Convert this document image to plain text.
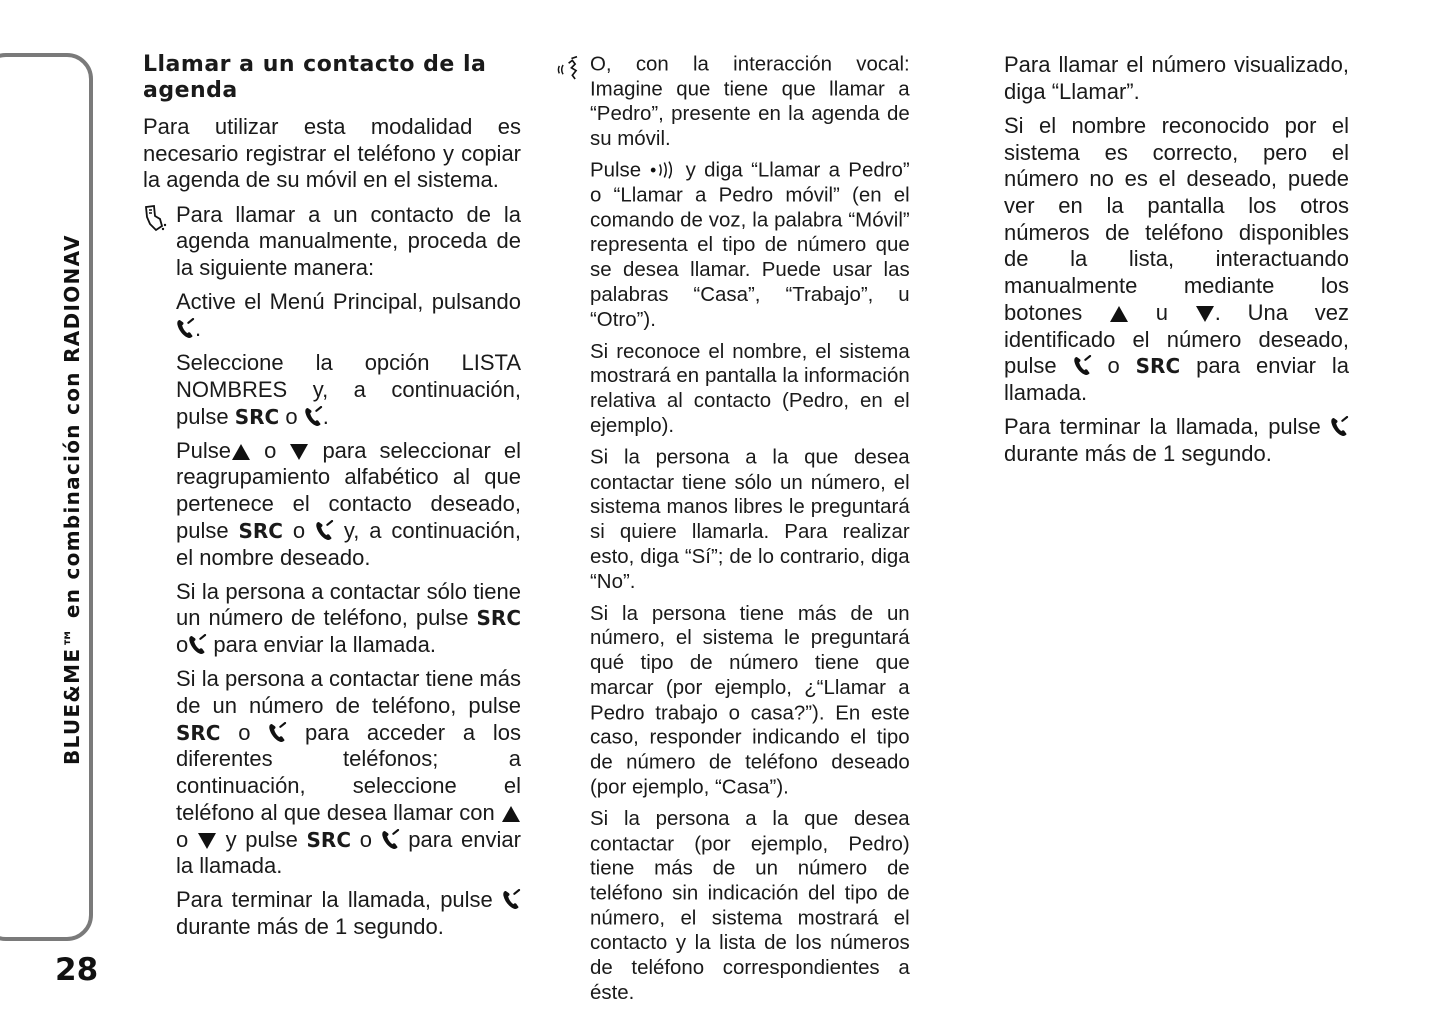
BLUE&ME™ en combinación con RADIONAV
28
Llamar a un contacto de la agenda

Para utilizar esta modalidad es necesario registrar el teléfono y copiar la agenda de su móvil en el sistema.

Para llamar a un contacto de la agenda manualmente, proceda de la siguiente manera:

Active el Menú Principal, pulsando
.

Seleccione la opción LISTA NOMBRES y, a continuación, pulse SRC o .

Pulse o para seleccionar el reagrupamiento alfabético al que pertenece el contacto deseado, pulse SRC o y, a continuación, el nombre deseado.

Si la persona a contactar sólo tiene un número de teléfono, pulse SRC o para enviar la llamada.

Si la persona a contactar tiene más de un número de teléfono, pulse SRC o para acceder a los diferentes teléfonos; a continuación, seleccione el teléfono al que desea llamar con
o y pulse SRC o para enviar la llamada.

Para terminar la llamada, pulse
durante más de 1 segundo.

O, con la interacción vocal: Imagine que tiene que llamar a “Pedro”, presente en la agenda de su móvil.

Pulse y diga “Llamar a Pedro” o “Llamar a Pedro móvil” (en el comando de voz, la palabra “Móvil” representa el tipo de número que se desea llamar. Puede usar las palabras “Casa”, “Trabajo”, u “Otro”).

Si reconoce el nombre, el sistema mostrará en pantalla la información relativa al contacto (Pedro, en el ejemplo).

Si la persona a la que desea contactar tiene sólo un número, el sistema manos libres le preguntará si quiere llamarla. Para realizar esto, diga “Sí”; de lo contrario, diga “No”.

Si la persona tiene más de un número, el sistema le preguntará qué tipo de número tiene que marcar (por ejemplo, ¿“Llamar a Pedro trabajo o casa?”). En este caso, responder indicando el tipo de número de teléfono deseado (por ejemplo, “Casa”).

Si la persona a la que desea contactar (por ejemplo, Pedro) tiene más de un número de teléfono sin indicación del tipo de número, el sistema mostrará el contacto y la lista de los números de teléfono correspondientes a éste.

Para llamar el número visualizado, diga “Llamar”.

Si el nombre reconocido por el sistema es correcto, pero el número no es el deseado, puede ver en la pantalla los otros números de teléfono disponibles de la lista, interactuando manualmente mediante los botones	u . Una vez identificado el número deseado, pulse o SRC para enviar la llamada.

Para terminar la llamada, pulse
durante más de 1 segundo.
